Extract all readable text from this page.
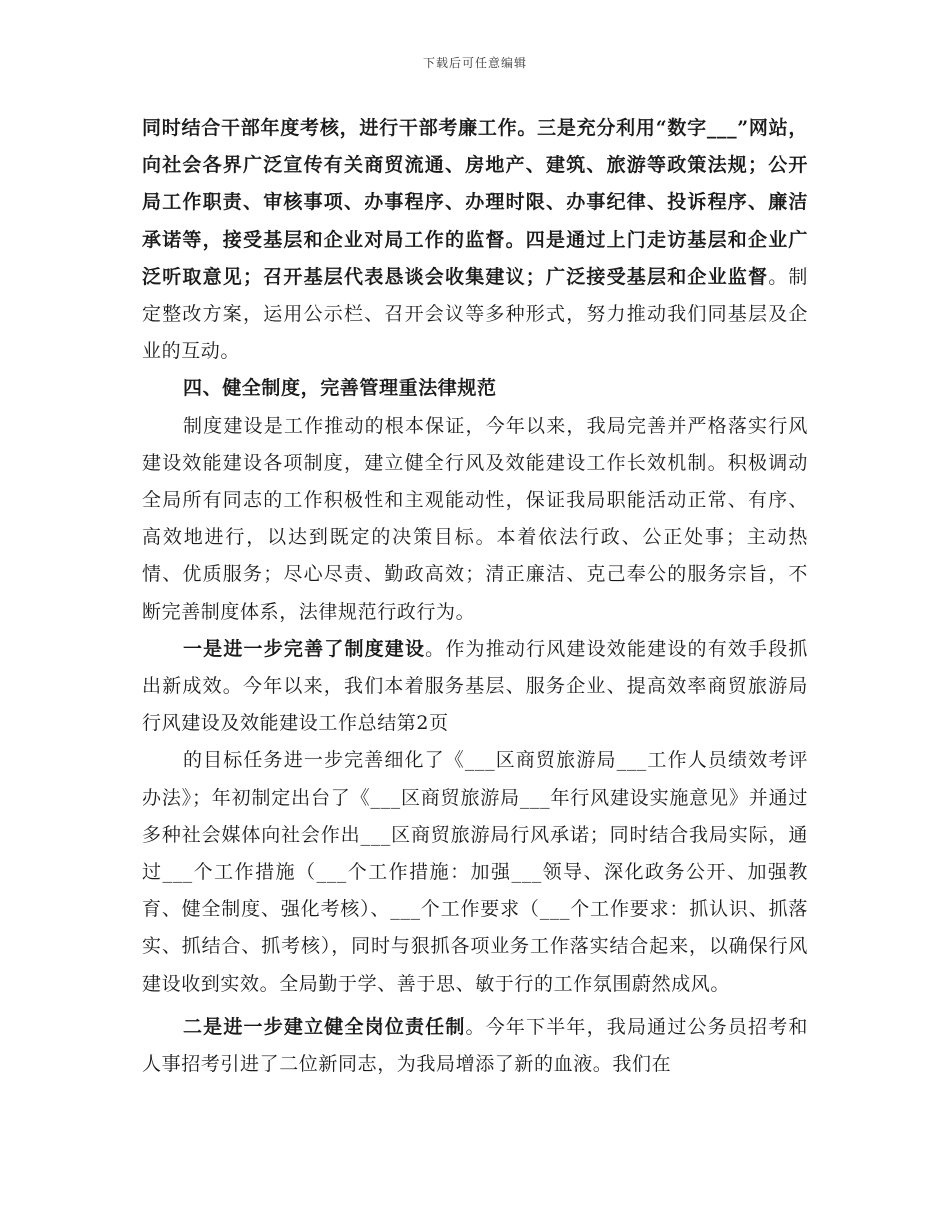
下载后可任意编辑

同时结合干部年度考核，进行干部考廉工作。三是充分利用“数字___”网站，向社会各界广泛宣传有关商贸流通、房地产、建筑、旅游等政策法规；公开局工作职责、审核事项、办事程序、办理时限、办事纪律、投诉程序、廉洁承诺等，接受基层和企业对局工作的监督。四是通过上门走访基层和企业广泛听取意见；召开基层代表恳谈会收集建议；广泛接受基层和企业监督。制定整改方案，运用公示栏、召开会议等多种形式，努力推动我们同基层及企业的互动。

四、健全制度，完善管理重法律规范

制度建设是工作推动的根本保证，今年以来，我局完善并严格落实行风建设效能建设各项制度，建立健全行风及效能建设工作长效机制。积极调动全局所有同志的工作积极性和主观能动性，保证我局职能活动正常、有序、高效地进行，以达到既定的决策目标。本着依法行政、公正处事；主动热情、优质服务；尽心尽责、勤政高效；清正廉洁、克己奉公的服务宗旨，不断完善制度体系，法律规范行政行为。

一是进一步完善了制度建设。作为推动行风建设效能建设的有效手段抓出新成效。今年以来，我们本着服务基层、服务企业、提高效率商贸旅游局行风建设及效能建设工作总结第2页

的目标任务进一步完善细化了《___区商贸旅游局___工作人员绩效考评办法》；年初制定出台了《___区商贸旅游局___年行风建设实施意见》并通过多种社会媒体向社会作出___区商贸旅游局行风承诺；同时结合我局实际，通过___个工作措施（___个工作措施：加强___领导、深化政务公开、加强教育、健全制度、强化考核）、___个工作要求（___个工作要求：抓认识、抓落实、抓结合、抓考核），同时与狠抓各项业务工作落实结合起来，以确保行风建设收到实效。全局勤于学、善于思、敏于行的工作氛围蔚然成风。

二是进一步建立健全岗位责任制。今年下半年，我局通过公务员招考和人事招考引进了二位新同志，为我局增添了新的血液。我们在
